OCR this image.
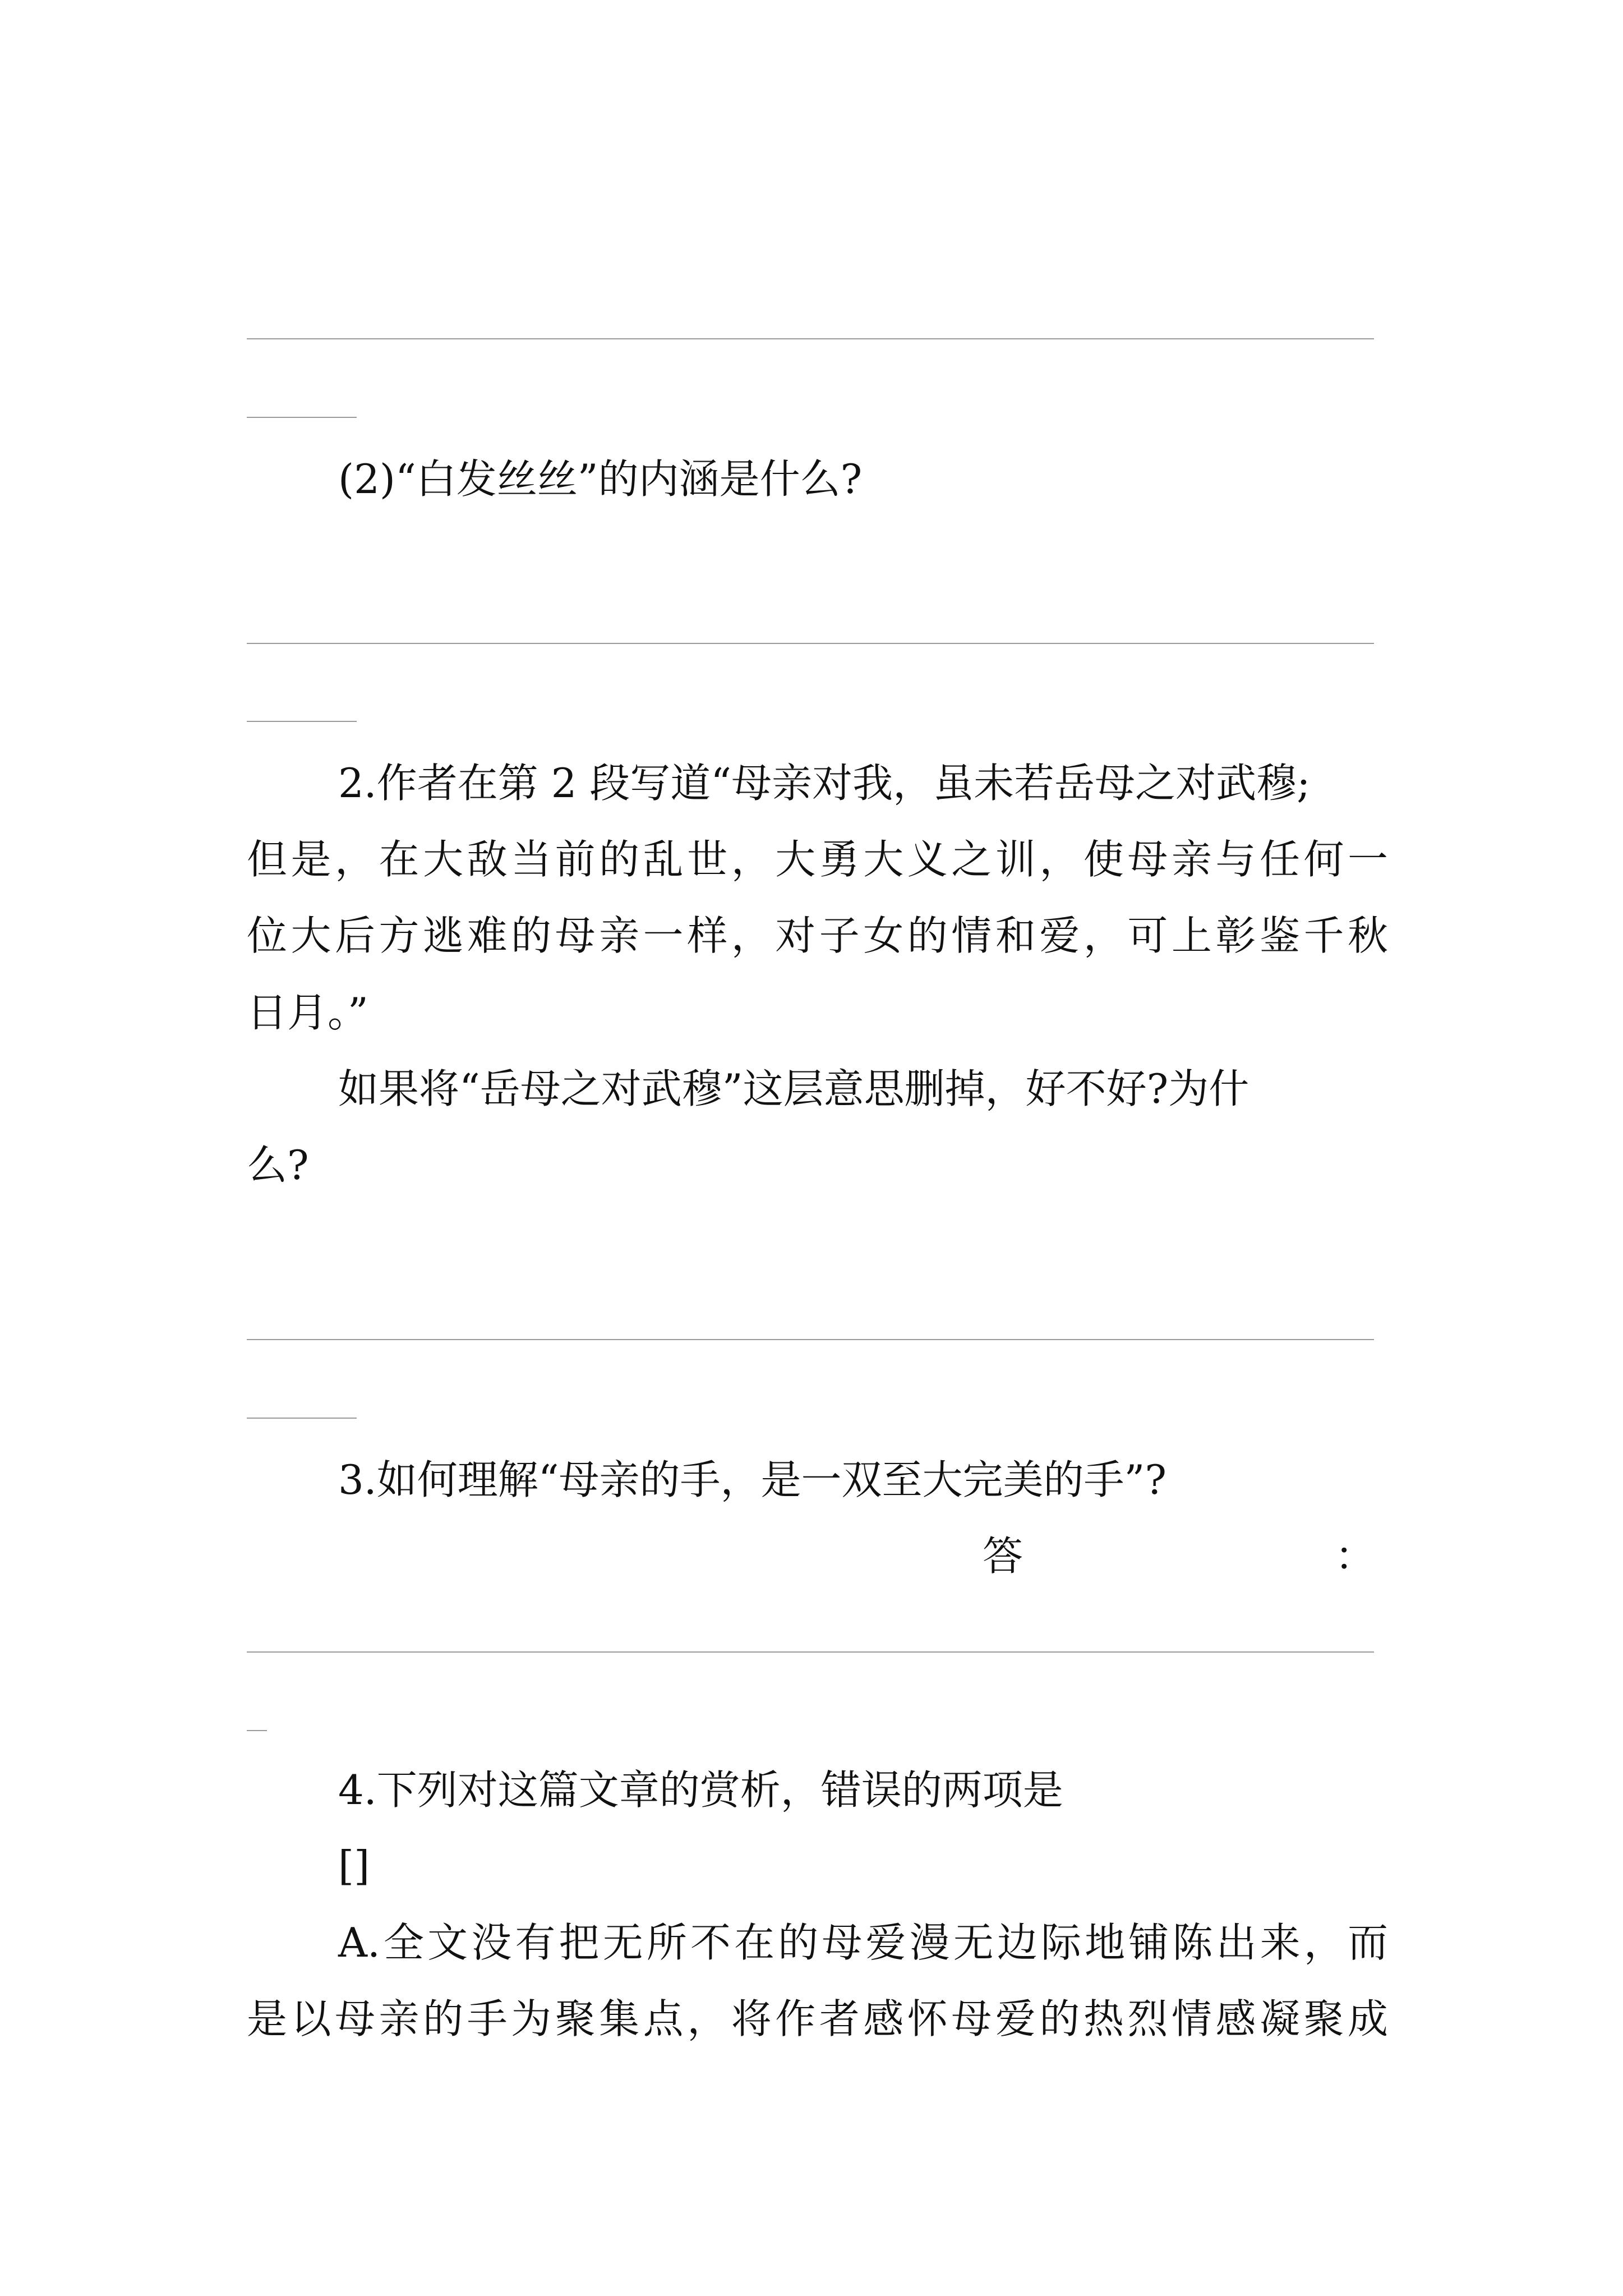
(2)“白发丝丝”的内涵是什么?
2.作者在第 2 段写道“母亲对我，虽未若岳母之对武穆;
但是，在大敌当前的乱世，大勇大义之训，使母亲与任何一
位大后方逃难的母亲一样，对子女的情和爱，可上彰鉴千秋
日月。”
如果将“岳母之对武穆”这层意思删掉，好不好?为什
么?
3.如何理解“母亲的手，是一双至大完美的手”?
答	：
4.下列对这篇文章的赏析，错误的两项是
[]
A.全文没有把无所不在的母爱漫无边际地铺陈出来，而
是以母亲的手为聚集点，将作者感怀母爱的热烈情感凝聚成
